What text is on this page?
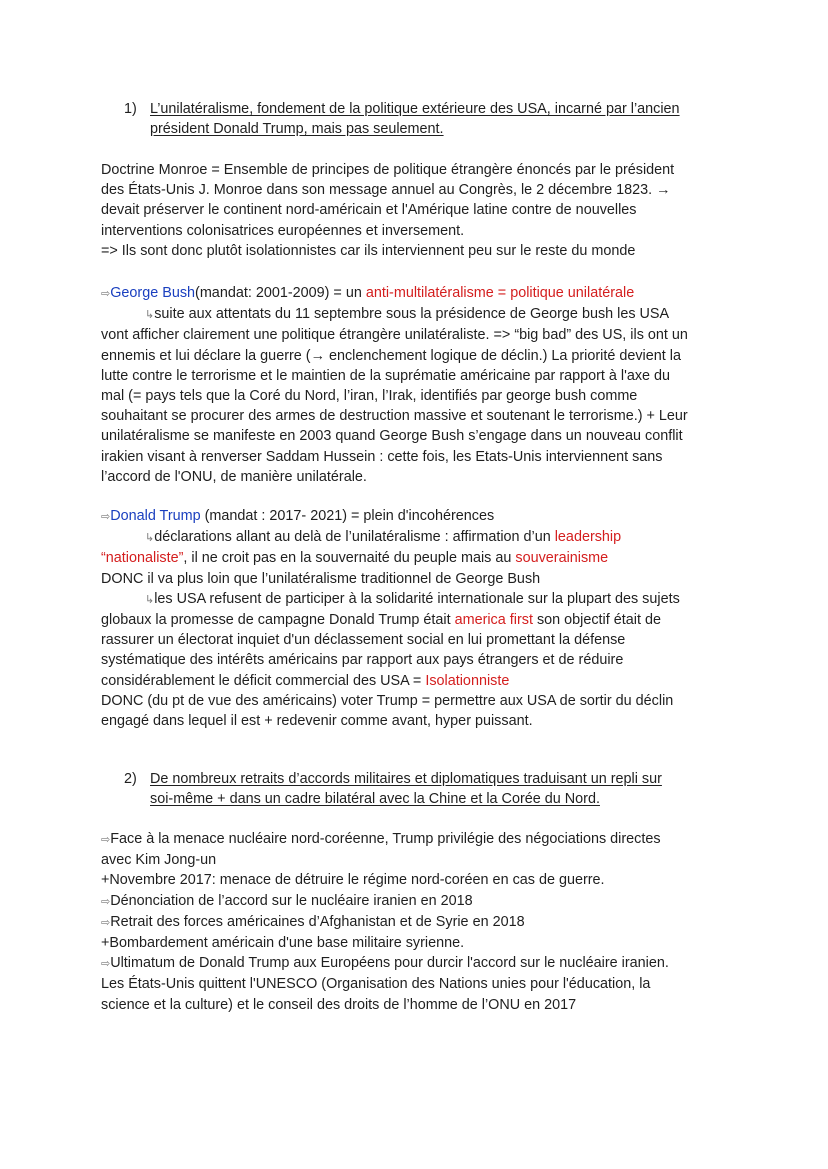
1) L’unilatéralisme, fondement de la politique extérieure des USA, incarné par l’ancien
président Donald Trump, mais pas seulement.

Doctrine Monroe = Ensemble de principes de politique étrangère énoncés par le président

des États-Unis J. Monroe dans son message annuel au Congrès, le 2 décembre 1823. →

devait préserver le continent nord-américain et l'Amérique latine contre de nouvelles

interventions colonisatrices européennes et inversement.

=> Ils sont donc plutôt isolationnistes car ils interviennent peu sur le reste du monde

⇨George Bush(mandat: 2001-2009) = un anti-multilatéralisme = politique unilatérale

↳suite aux attentats du 11 septembre sous la présidence de George bush les USA

vont afficher clairement une politique étrangère unilatéraliste. => “big bad” des US, ils ont un

ennemis et lui déclare la guerre (→ enclenchement logique de déclin.) La priorité devient la

lutte contre le terrorisme et le maintien de la suprématie américaine par rapport à l'axe du

mal (= pays tels que la Coré du Nord, l’iran, l’Irak, identifiés par george bush comme

souhaitant se procurer des armes de destruction massive et soutenant le terrorisme.) + Leur

unilatéralisme se manifeste en 2003 quand George Bush s’engage dans un nouveau conflit

irakien visant à renverser Saddam Hussein : cette fois, les Etats-Unis interviennent sans

l’accord de l'ONU, de manière unilatérale.

⇨Donald Trump (mandat : 2017- 2021) = plein d'incohérences

↳déclarations allant au delà de l’unilatéralisme : affirmation d’un leadership

“nationaliste”, il ne croit pas en la souvernaité du peuple mais au souverainisme

DONC il va plus loin que l’unilatéralisme traditionnel de George Bush

↳les USA refusent de participer à la solidarité internationale sur la plupart des sujets

globaux la promesse de campagne Donald Trump était america first son objectif était de

rassurer un électorat inquiet d'un déclassement social en lui promettant la défense

systématique des intérêts américains par rapport aux pays étrangers et de réduire

considérablement le déficit commercial des USA = Isolationniste

DONC (du pt de vue des américains) voter Trump = permettre aux USA de sortir du déclin

engagé dans lequel il est + redevenir comme avant, hyper puissant.

2) De nombreux retraits d’accords militaires et diplomatiques traduisant un repli sur
soi-même + dans un cadre bilatéral avec la Chine et la Corée du Nord.

⇨Face à la menace nucléaire nord-coréenne, Trump privilégie des négociations directes

avec Kim Jong-un

+Novembre 2017: menace de détruire le régime nord-coréen en cas de guerre.

⇨Dénonciation de l’accord sur le nucléaire iranien en 2018

⇨Retrait des forces américaines d’Afghanistan et de Syrie en 2018

+Bombardement américain d'une base militaire syrienne.

⇨Ultimatum de Donald Trump aux Européens pour durcir l'accord sur le nucléaire iranien.

Les États-Unis quittent l'UNESCO (Organisation des Nations unies pour l'éducation, la

science et la culture) et le conseil des droits de l’homme de l’ONU en 2017
